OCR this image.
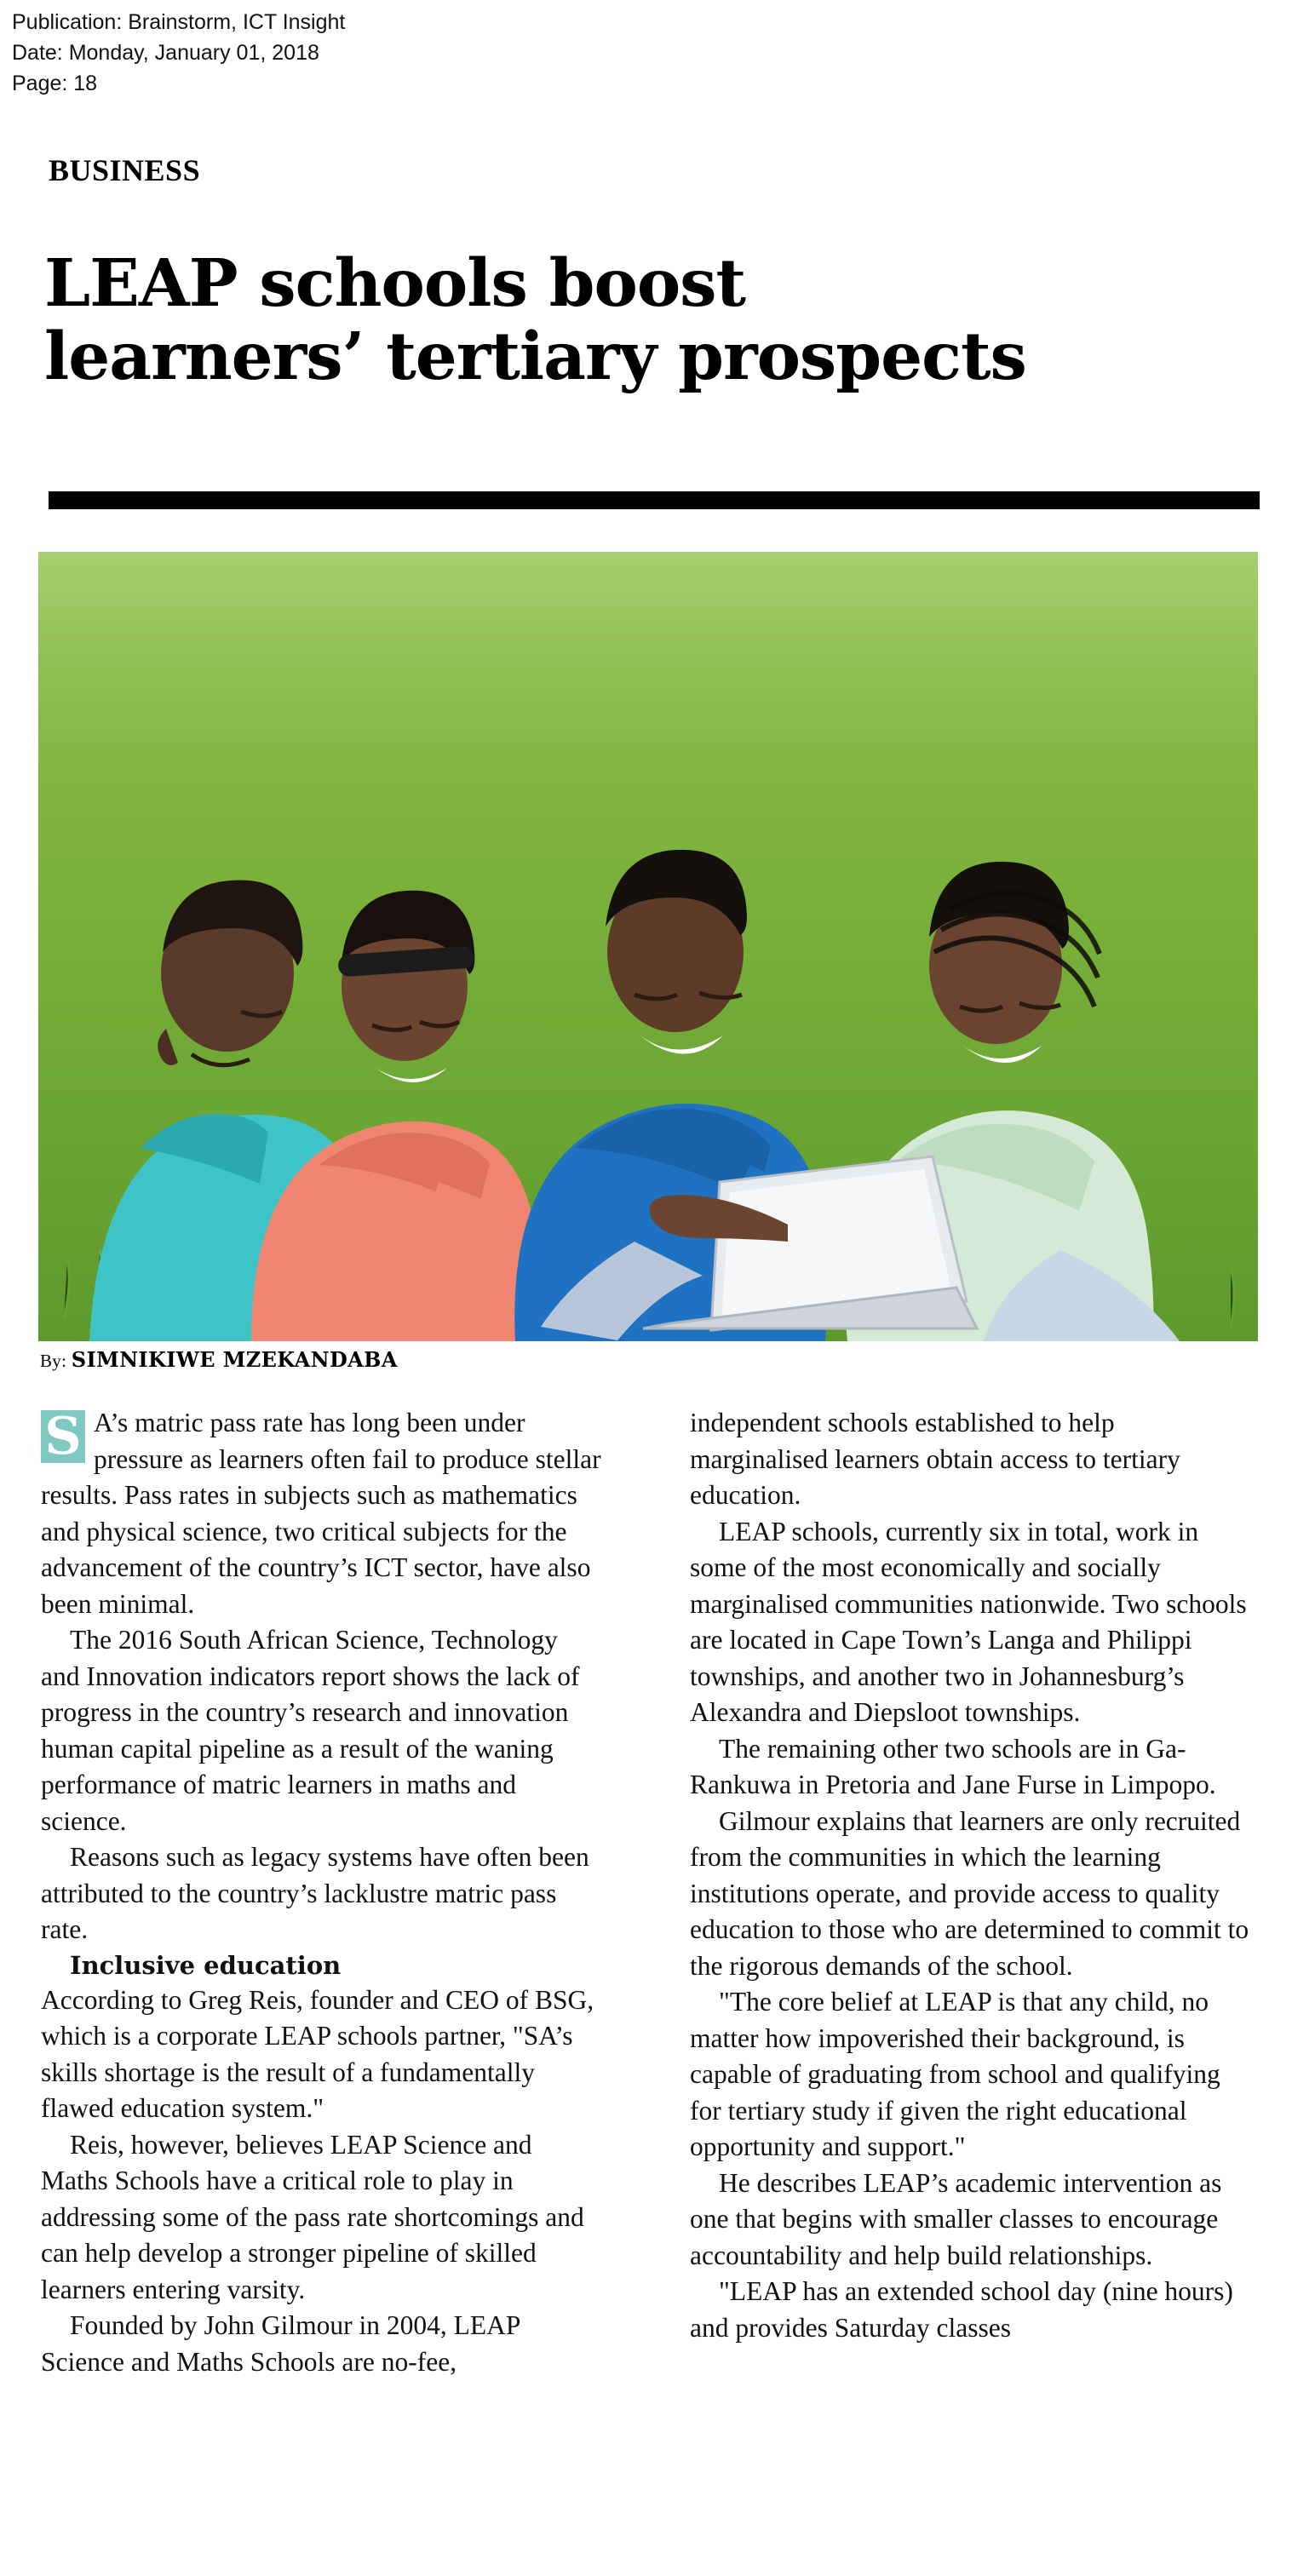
Publication: Brainstorm, ICT Insight
Date: Monday, January 01, 2018
Page: 18
BUSINESS
LEAP schools boost
learners’ tertiary prospects
By: SIMNIKIWE MZEKANDABA

S A’s matric pass rate has long been under pressure as learners often fail to produce stellar results. Pass rates in subjects such as mathematics and physical science, two critical subjects for the advancement of the country’s ICT sector, have also been minimal.

The 2016 South African Science, Technology and Innovation indicators report shows the lack of progress in the country’s research and innovation human capital pipeline as a result of the waning performance of matric learners in maths and science.

Reasons such as legacy systems have often been attributed to the country’s lacklustre matric pass rate.

Inclusive education

According to Greg Reis, founder and CEO of BSG, which is a corporate LEAP schools partner, "SA’s skills shortage is the result of a fundamentally flawed education system."

Reis, however, believes LEAP Science and Maths Schools have a critical role to play in addressing some of the pass rate shortcomings and can help develop a stronger pipeline of skilled learners entering varsity.

Founded by John Gilmour in 2004, LEAP Science and Maths Schools are no-fee,

independent schools established to help marginalised learners obtain access to tertiary education.

LEAP schools, currently six in total, work in some of the most economically and socially marginalised communities nationwide. Two schools are located in Cape Town’s Langa and Philippi townships, and another two in Johannesburg’s Alexandra and Diepsloot townships.

The remaining other two schools are in Ga-Rankuwa in Pretoria and Jane Furse in Limpopo.

Gilmour explains that learners are only recruited from the communities in which the learning institutions operate, and provide access to quality education to those who are determined to commit to the rigorous demands of the school.

"The core belief at LEAP is that any child, no matter how impoverished their background, is capable of graduating from school and qualifying for tertiary study if given the right educational opportunity and support."

He describes LEAP’s academic intervention as one that begins with smaller classes to encourage accountability and help build relationships.

"LEAP has an extended school day (nine hours) and provides Saturday classes
